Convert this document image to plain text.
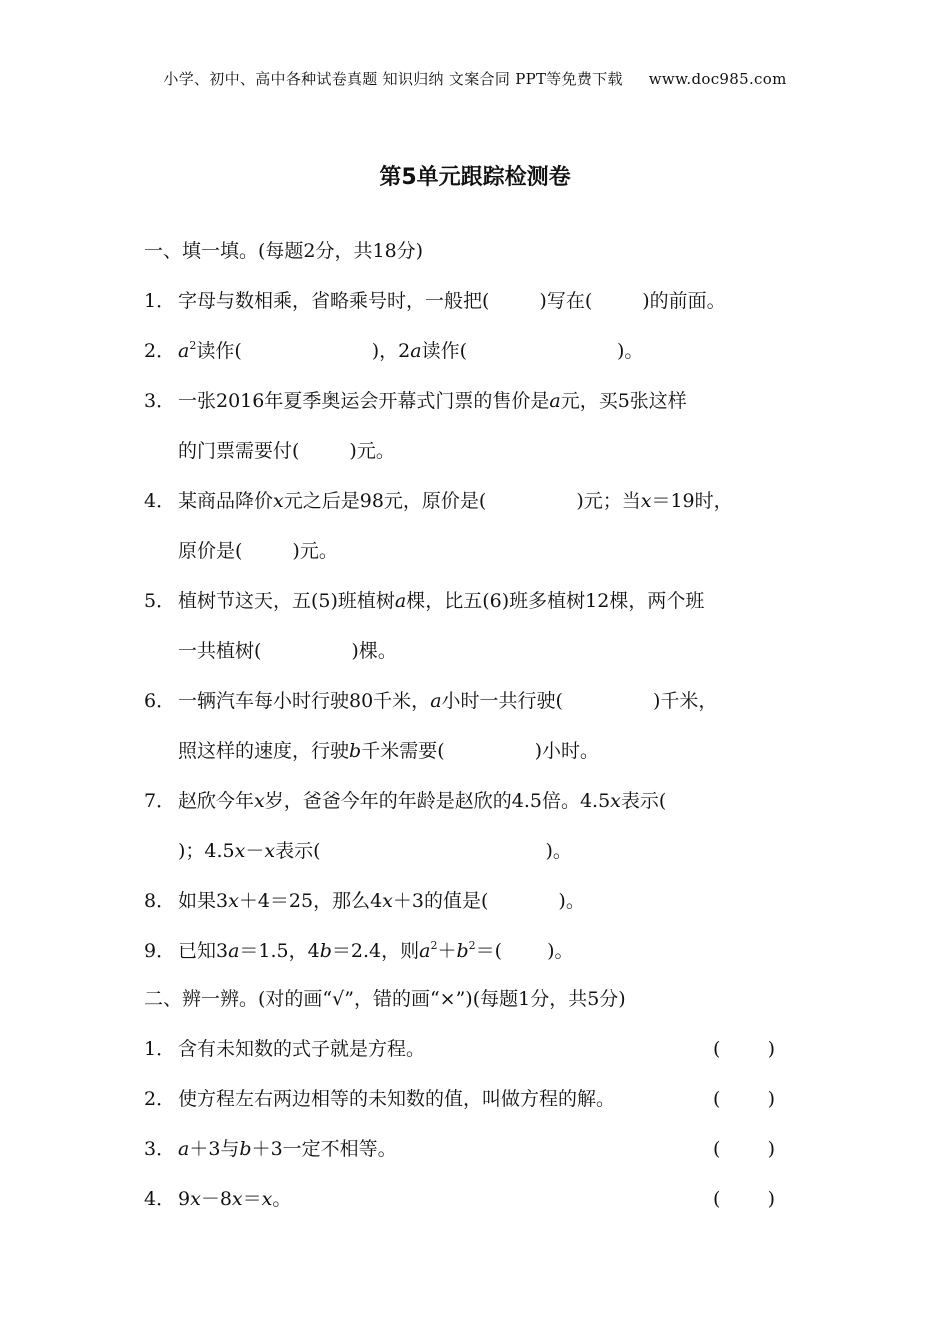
小学、初中、高中各种试卷真题 知识归纳 文案合同 PPT等免费下载 www.doc985.com
第5单元跟踪检测卷
一、填一填。(每题2分，共18分)
1． 字母与数相乘，省略乘号时，一般把(	)写在(	)的前面。
2． $a^2$读作(	)，2a读作(	)。
3． 一张2016年夏季奥运会开幕式门票的售价是a元，买5张这样
的门票需要付(	)元。
4． 某商品降价x元之后是98元，原价是(	)元；当x＝19时，
原价是(	)元。
5． 植树节这天，五(5)班植树a棵，比五(6)班多植树12棵，两个班
一共植树(	)棵。
6． 一辆汽车每小时行驶80千米，a小时一共行驶(	)千米，
照这样的速度，行驶b千米需要(	)小时。
7． 赵欣今年x岁，爸爸今年的年龄是赵欣的4.5倍。4.5x表示(
)；4.5x－x表示(	)。
8． 如果3x＋4＝25，那么4x＋3的值是(	)。
9． 已知3a＝1.5，4b＝2.4，则$a^2+b^2=$( )。
二、辨一辨。(对的画“√”，错的画“×”)(每题1分，共5分)
1． 含有未知数的式子就是方程。	( )
2． 使方程左右两边相等的未知数的值，叫做方程的解。	( )
3． a＋3与b＋3一定不相等。	( )
4． 9x－8x＝x。	( )
